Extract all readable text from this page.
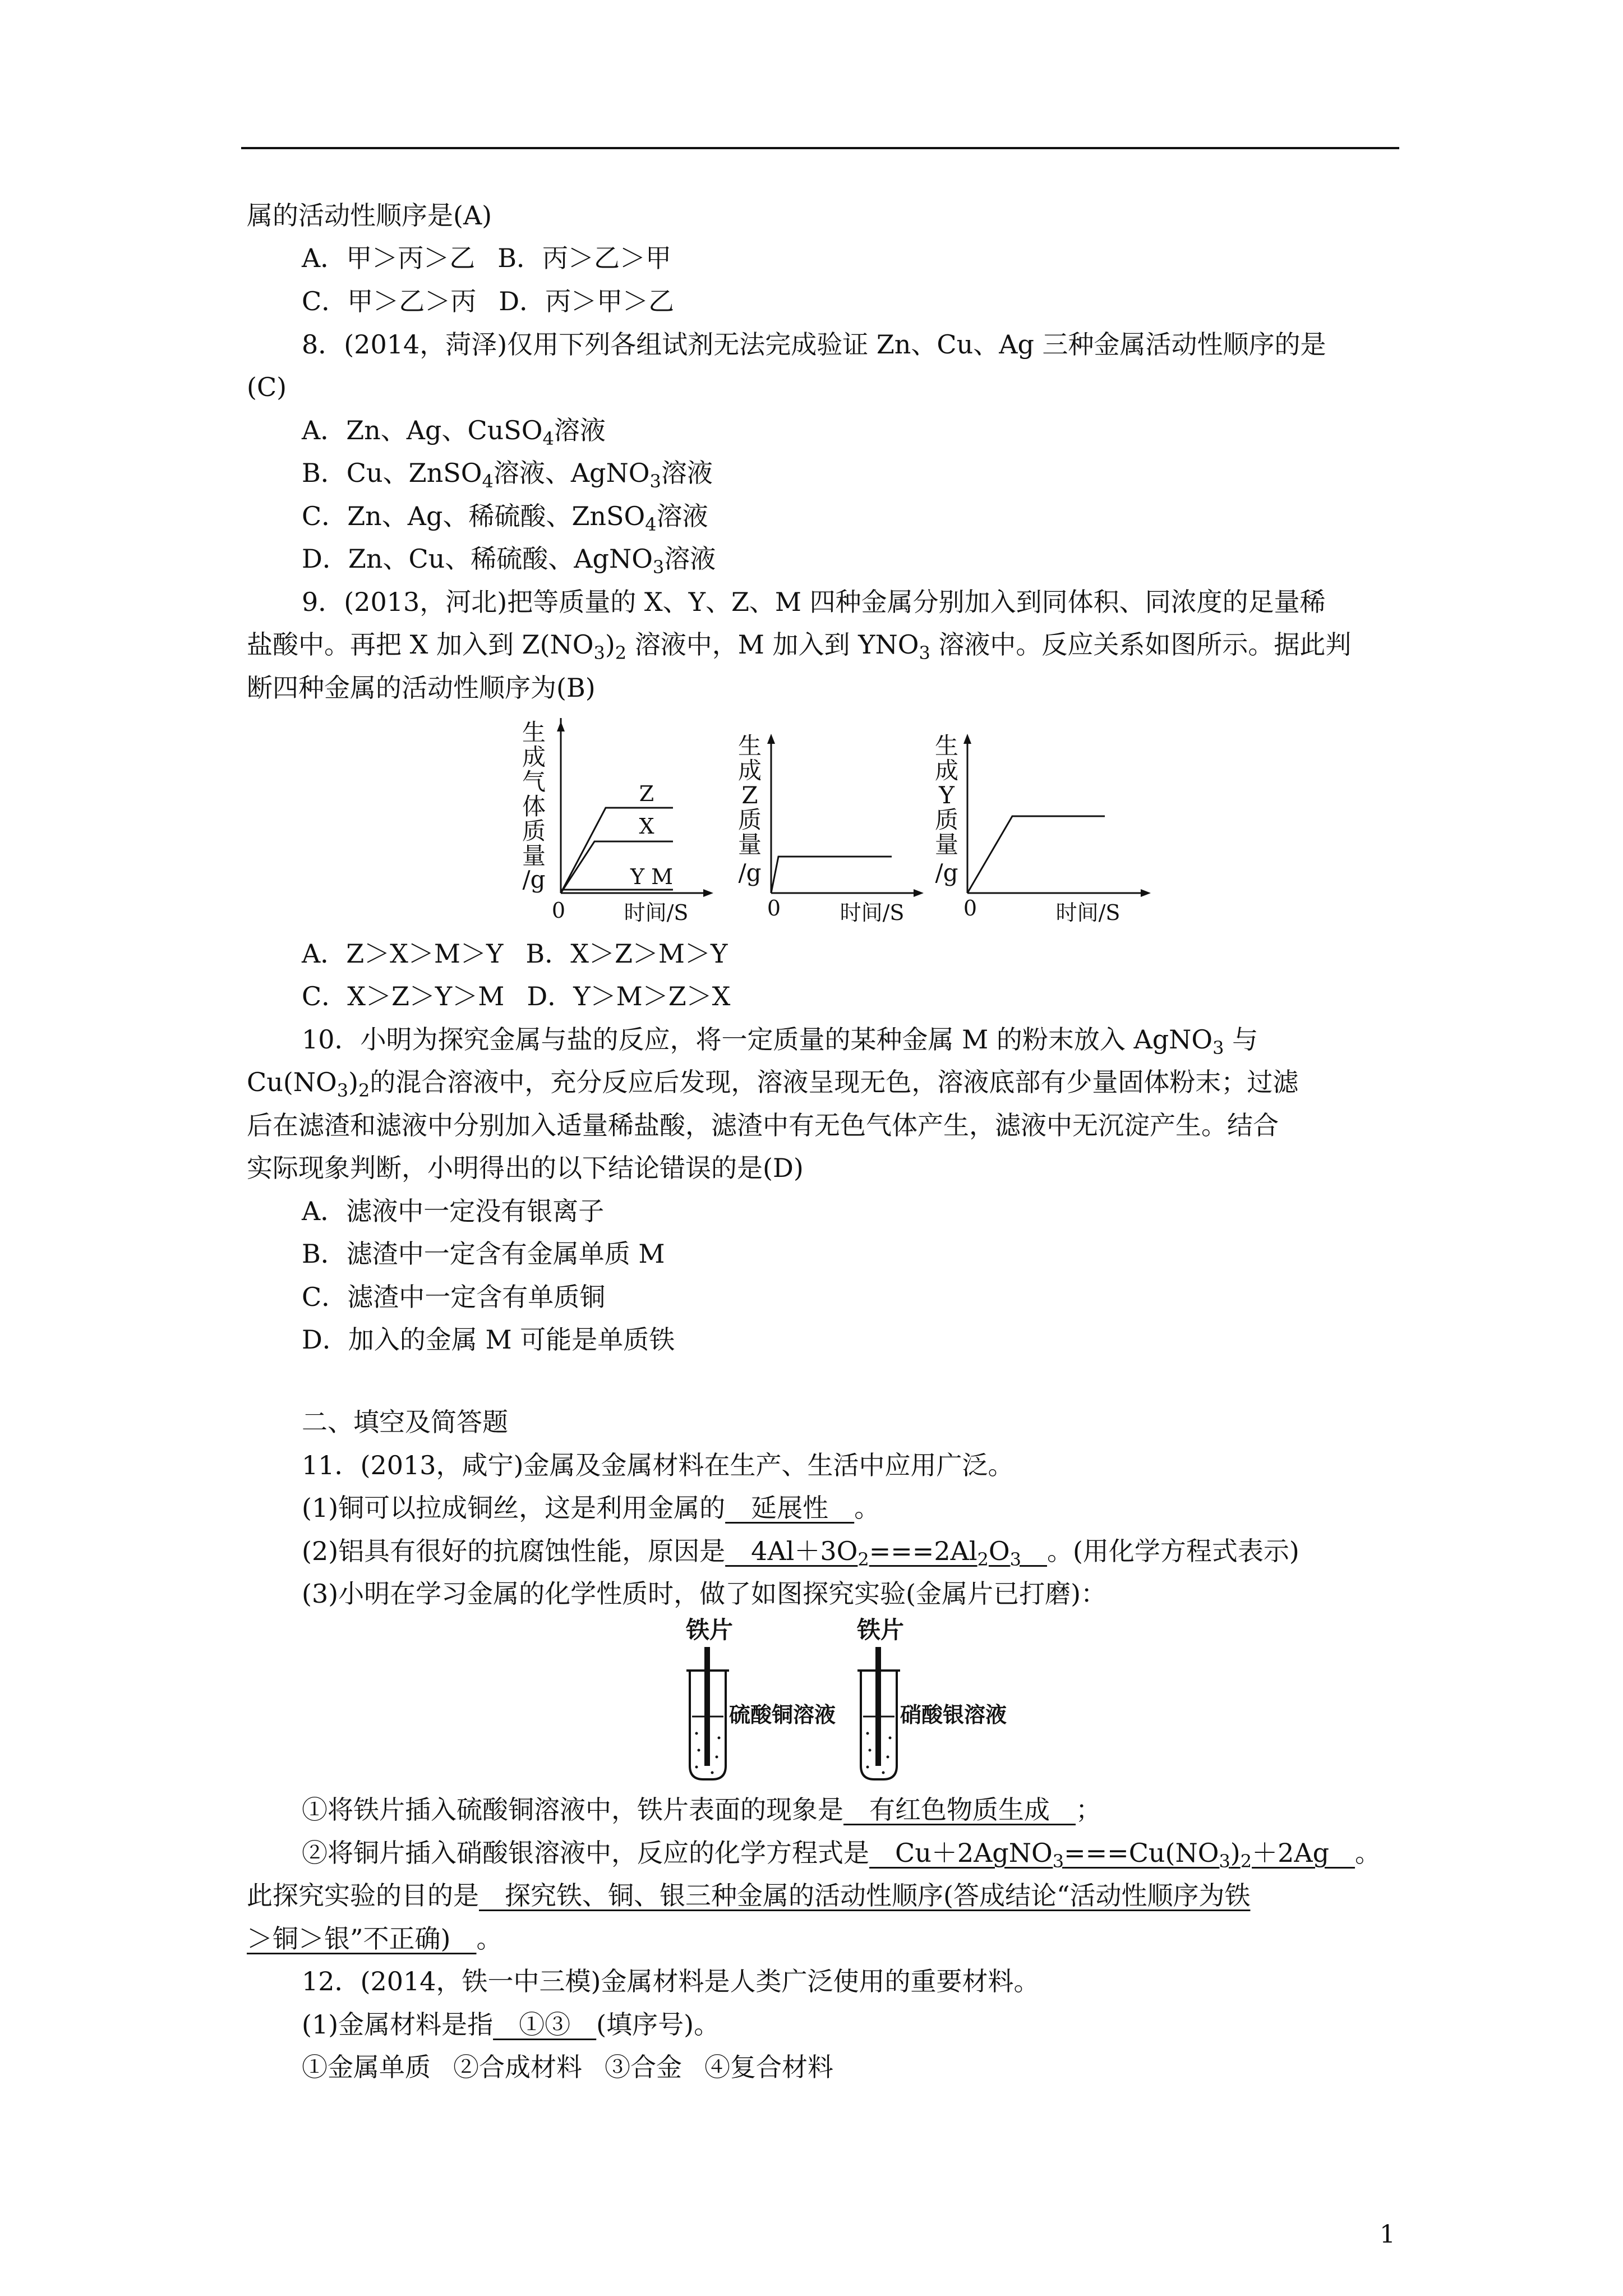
属的活动性顺序是(A)
A．甲＞丙＞乙 B．丙＞乙＞甲
C．甲＞乙＞丙 D．丙＞甲＞乙
8．(2014，菏泽)仅用下列各组试剂无法完成验证 Zn、Cu、Ag 三种金属活动性顺序的是
(C)
A．Zn、Ag、CuSO$_4$溶液
B．Cu、ZnSO$_4$溶液、AgNO$_3$溶液
C．Zn、Ag、稀硫酸、ZnSO$_4$溶液
D．Zn、Cu、稀硫酸、AgNO$_3$溶液
9．(2013，河北)把等质量的 X、Y、Z、M 四种金属分别加入到同体积、同浓度的足量稀
盐酸中。再把 X 加入到 $Z(NO_3)_2$ 溶液中，M 加入到 $YNO_3$ 溶液中。反应关系如图所示。据此判
断四种金属的活动性顺序为(B)
生
成
气
体
质
量
/g
Z
X
Y M
0	时间/S
生
成
Z
质
量
/g
0	时间/S
生
成
Y
质
量
/g
0	时间/S
A．Z＞X＞M＞Y B．X＞Z＞M＞Y
C．X＞Z＞Y＞M D．Y＞M＞Z＞X
10．小明为探究金属与盐的反应，将一定质量的某种金属 M 的粉末放入 AgNO$_3$ 与
$Cu(NO_3)_2$的混合溶液中，充分反应后发现，溶液呈现无色，溶液底部有少量固体粉末；过滤
后在滤渣和滤液中分别加入适量稀盐酸，滤渣中有无色气体产生，滤液中无沉淀产生。结合
实际现象判断，小明得出的以下结论错误的是(D)
A．滤液中一定没有银离子
B．滤渣中一定含有金属单质 M
C．滤渣中一定含有单质铜
D．加入的金属 M 可能是单质铁
二、填空及简答题
11．(2013，咸宁)金属及金属材料在生产、生活中应用广泛。
(1)铜可以拉成铜丝，这是利用金属的__延展性__。
(2)铝具有很好的抗腐蚀性能，原因是$\_\_4Al+3O_2===2Al_2O_3\_\_$。(用化学方程式表示)
(3)小明在学习金属的化学性质时，做了如图探究实验(金属片已打磨)：
铁片
硫酸铜溶液
铁片
硝酸银溶液
①将铁片插入硫酸铜溶液中，铁片表面的现象是__有红色物质生成__；
②将铜片插入硝酸银溶液中，反应的化学方程式是$\_\_Cu+2AgNO_3===Cu(NO_3)_2+2Ag\_\_$。
此探究实验的目的是__探究铁、铜、银三种金属的活动性顺序(答成结论“活动性顺序为铁
＞铜＞银”不正确)__。
12．(2014，铁一中三模)金属材料是人类广泛使用的重要材料。
(1)金属材料是指__①③__(填序号)。
①金属单质 ②合成材料 ③合金 ④复合材料
1
